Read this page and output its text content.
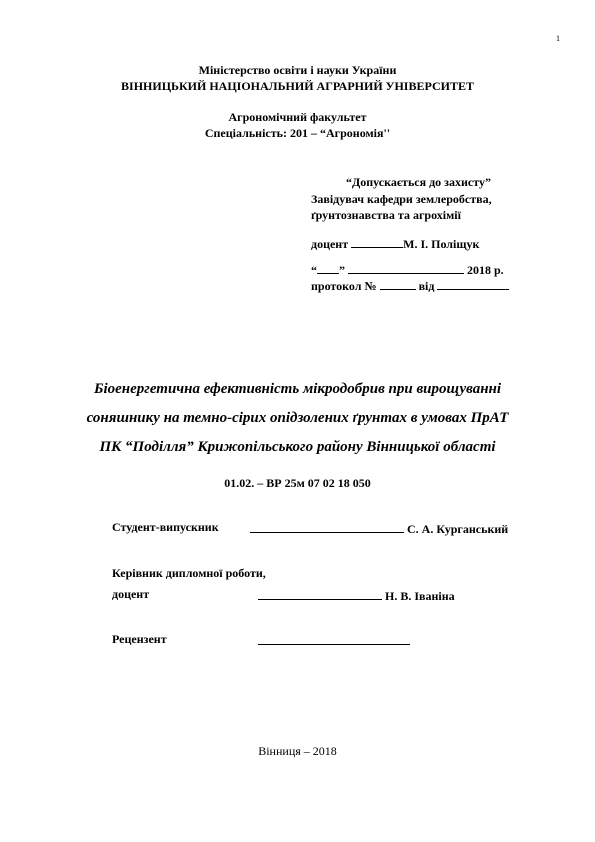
1
Міністерство освіти і науки України
ВІННИЦЬКИЙ НАЦІОНАЛЬНИЙ АГРАРНИЙ УНІВЕРСИТЕТ
Агрономічний факультет
Спеціальність: 201 – “Агрономія''
“Допускається до захисту”
Завідувач кафедри землеробства,
ґрунтознавства та агрохімії
доцент	М. І. Поліщук
“ ”	2018 р.
протокол №	від
Біоенергетична ефективність мікродобрив при вирощуванні
соняшнику на темно-сірих опідзолених ґрунтах в умовах ПрАТ
ПК “Поділля” Крижопільського району Вінницької області
01.02. – ВР 25м 07 02 18 050
Студент-випускник	С. А. Курганський
Керівник дипломної роботи,
доцент	Н. В. Іваніна
Рецензент
Вінниця – 2018
